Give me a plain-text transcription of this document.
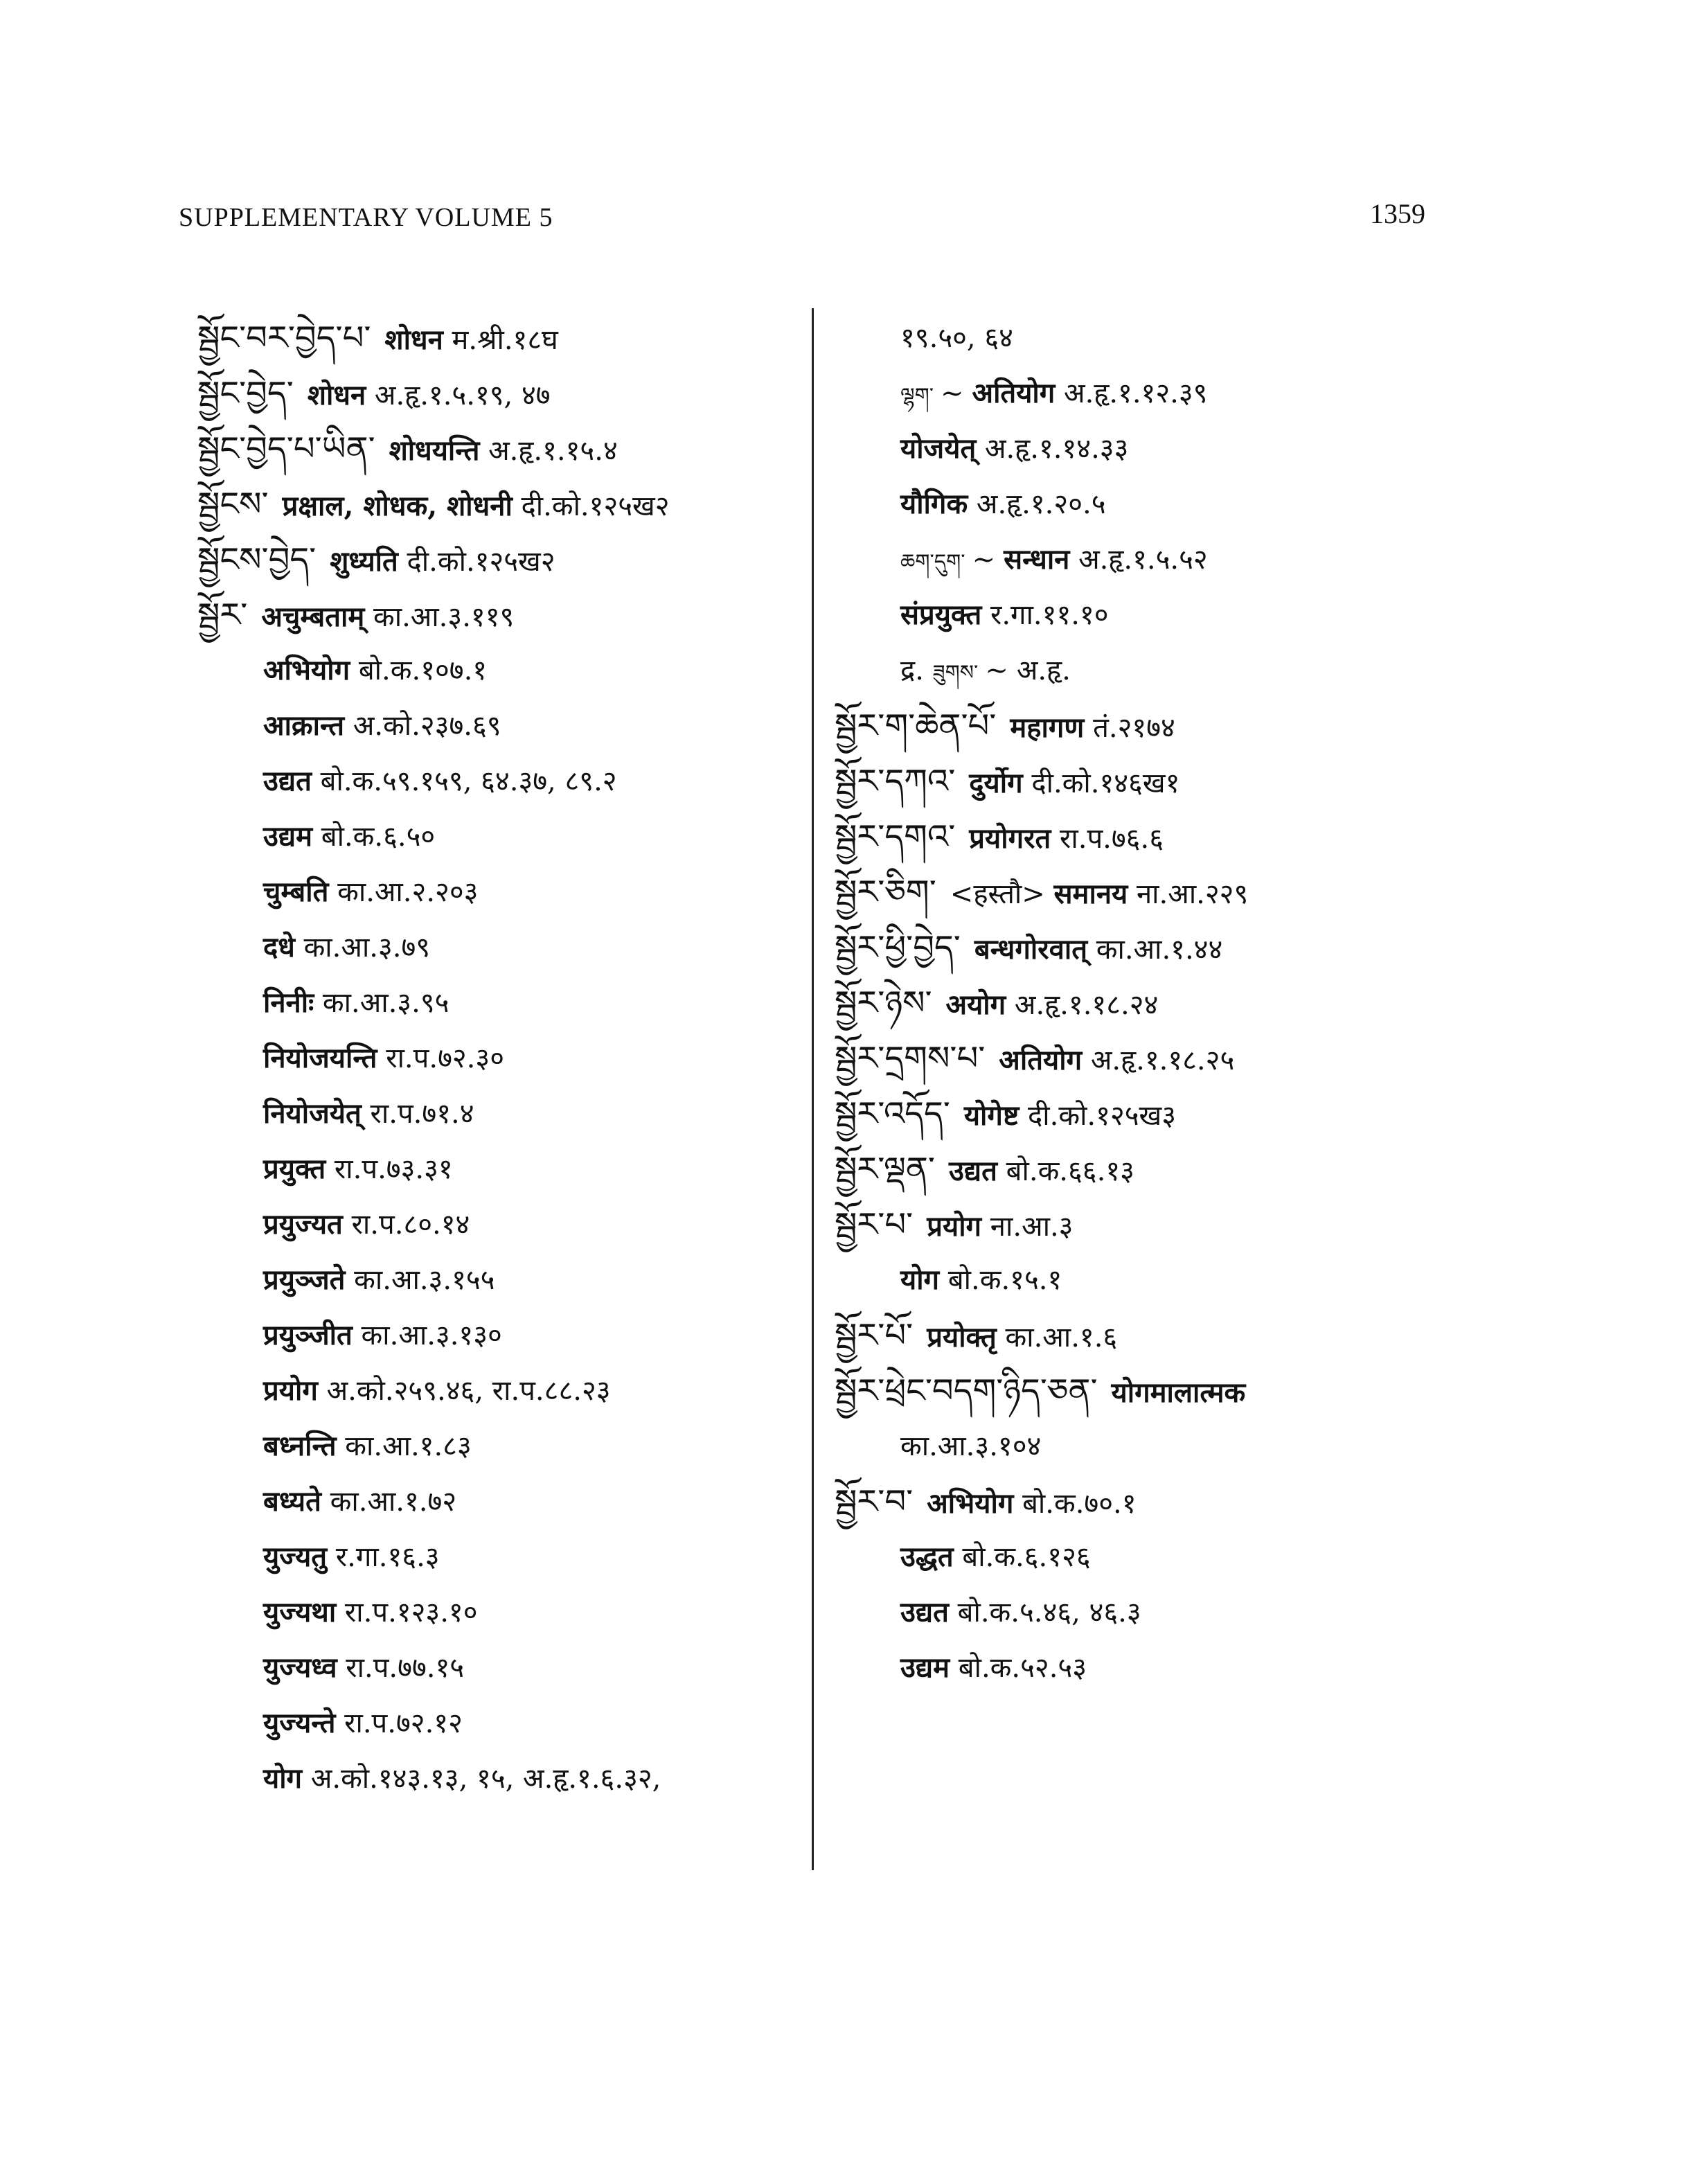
SUPPLEMENTARY VOLUME 5	1359
སྦྱོང་བར་བྱེད་པ་ शोधन म.श्री.१८घ
སྦྱོང་བྱེད་ शोधन अ.हृ.१.५.१९, ४७
སྦྱོང་བྱེད་པ་ཡིན་ शोधयन्ति अ.हृ.१.१५.४
སྦྱོངས་ प्रक्षाल, शोधक, शोधनी दी.को.१२५ख२
སྦྱོངས་བྱེད་ शुध्यति दी.को.१२५ख२
སྦྱོར་ अचुम्बताम् का.आ.३.११९
अभियोग बो.क.१०७.१
आक्रान्त अ.को.२३७.६९
उद्यत बो.क.५९.१५९, ६४.३७, ८९.२
उद्यम बो.क.६.५०
चुम्बति का.आ.२.२०३
दधे का.आ.३.७९
निनीः का.आ.३.९५
नियोजयन्ति रा.प.७२.३०
नियोजयेत् रा.प.७१.४
प्रयुक्त रा.प.७३.३१
प्रयुज्यत रा.प.८०.१४
प्रयुञ्जते का.आ.३.१५५
प्रयुञ्जीत का.आ.३.१३०
प्रयोग अ.को.२५९.४६, रा.प.८८.२३
बध्नन्ति का.आ.१.८३
बध्यते का.आ.१.७२
युज्यतु र.गा.१६.३
युज्यथा रा.प.१२३.१०
युज्यध्व रा.प.७७.१५
युज्यन्ते रा.प.७२.१२
योग अ.को.१४३.१३, १५, अ.हृ.१.६.३२,
१९.५०, ६४
ལྷག་ ~ अतियोग अ.हृ.१.१२.३९
योजयेत् अ.हृ.१.१४.३३
यौगिक अ.हृ.१.२०.५
ཆག་དུག་ ~ सन्धान अ.हृ.१.५.५२
संप्रयुक्त र.गा.११.१०
द्र. ཟུགས་ ~ अ.हृ.
སྦྱོར་ག་ཆེན་པོ་ महागण तं.२१७४
སྦྱོར་དཀའ་ दुर्योग दी.को.१४६ख१
སྦྱོར་དགའ་ प्रयोगरत रा.प.७६.६
སྦྱོར་ཅིག་ <हस्तौ> समानय ना.आ.२२९
སྦྱོར་ཕྱི་བྱེད་ बन्धगोरवात् का.आ.१.४४
སྦྱོར་ཉེས་ अयोग अ.हृ.१.१८.२४
སྦྱོར་དྲགས་པ་ अतियोग अ.हृ.१.१८.२५
སྦྱོར་འདོད་ योगेष्ट दी.को.१२५ख३
སྦྱོར་ལྡན་ उद्यत बो.क.६६.१३
སྦྱོར་པ་ प्रयोग ना.आ.३
योग बो.क.१५.१
སྦྱོར་པོ་ प्रयोक्तृ का.आ.१.६
སྦྱོར་ཕྲེང་བདག་ཉིད་ཅན་ योगमालात्मक
का.आ.३.१०४
སྦྱོར་བ་ अभियोग बो.क.७०.१
उद्धत बो.क.६.१२६
उद्यत बो.क.५.४६, ४६.३
उद्यम बो.क.५२.५३
